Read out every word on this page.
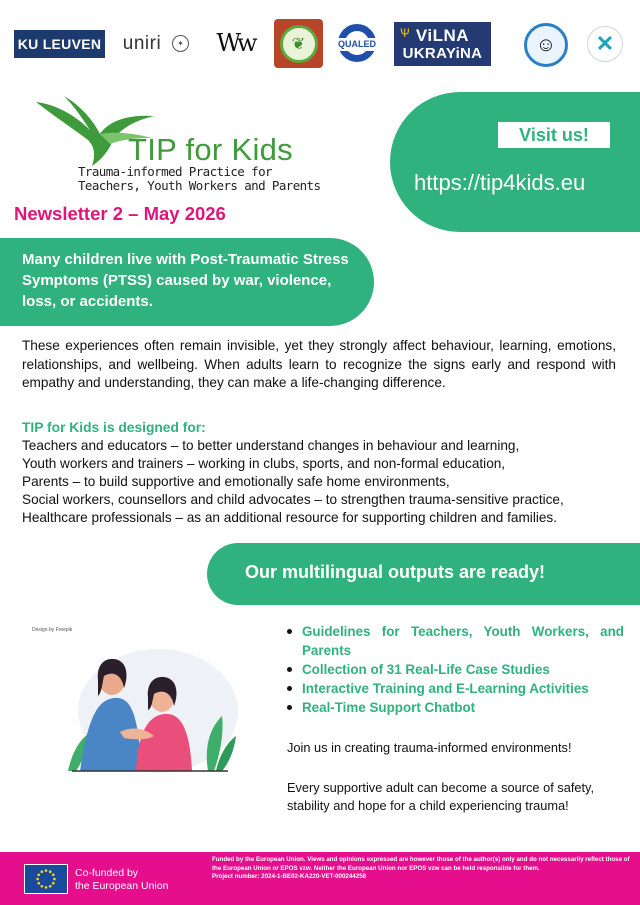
KU LEUVEN uniri	✦ Ww	❦	QUALED
Ѱ ViLNA
UKRAYiNA	☺	✕
TIP for Kids
Trauma-informed Practice for
Teachers, Youth Workers and Parents
Visit us!
https://tip4kids.eu
Newsletter 2 – May 2026

Many children live with Post-Traumatic Stress Symptoms (PTSS) caused by war, violence, loss, or accidents.

These experiences often remain invisible, yet they strongly affect behaviour, learning, emotions, relationships, and wellbeing. When adults learn to recognize the signs early and respond with empathy and understanding, they can make a life-changing difference.

TIP for Kids is designed for:
Teachers and educators – to better understand changes in behaviour and learning,
Youth workers and trainers – working in clubs, sports, and non-formal education,
Parents – to build supportive and emotionally safe home environments,
Social workers, counsellors and child advocates – to strengthen trauma-sensitive practice,
Healthcare professionals – as an additional resource for supporting children and families.
Our multilingual outputs are ready!
Design by Freepik	Guidelines for Teachers, Youth Workers, and Parents
Collection of 31 Real-Life Case Studies
Interactive Training and E-Learning Activities
Real-Time Support Chatbot

Join us in creating trauma-informed environments!

Every supportive adult can become a source of safety, stability and hope for a child experiencing trauma!

Co-funded by
the European Union
Funded by the European Union. Views and opinions expressed are however those of the author(s) only and do not necessarily reflect those of the European Union or EPOS vzw. Neither the European Union nor EPOS vzw can be held responsible for them.
Project number: 2024-1-BE02-KA220-VET-000244258
